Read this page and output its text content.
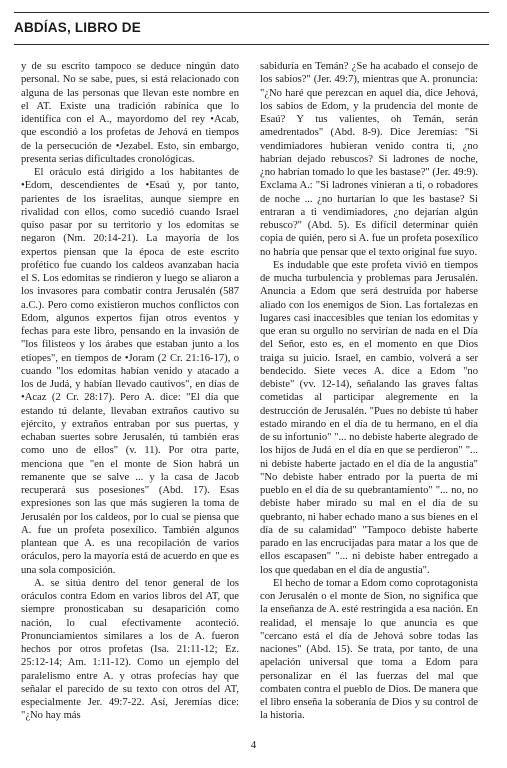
ABDÍAS, LIBRO DE

y de su escrito tampoco se deduce ningún dato personal. No se sabe, pues, si está relacionado con alguna de las personas que llevan este nombre en el AT. Existe una tradición rabínica que lo identifica con el A., mayordomo del rey •Acab, que escondió a los profetas de Jehová en tiempos de la persecución de •Jezabel. Esto, sin embargo, presenta serias dificultades cronológicas.

El oráculo está dirigido a los habitantes de •Edom, descendientes de •Esaú y, por tanto, parientes de los israelitas, aunque siempre en rivalidad con ellos, como sucedió cuando Israel quiso pasar por su territorio y los edomitas se negaron (Nm. 20:14-21). La mayoría de los expertos piensan que la época de este escrito profético fue cuando los caldeos avanzaban hacia el S. Los edomitas se rindieron y luego se aliaron a los invasores para combatir contra Jerusalén (587 a.C.). Pero como existieron muchos conflictos con Edom, algunos expertos fijan otros eventos y fechas para este libro, pensando en la invasión de "los filisteos y los árabes que estaban junto a los etíopes", en tiempos de •Joram (2 Cr. 21:16-17), o cuando "los edomitas habían venido y atacado a los de Judá, y habían llevado cautivos", en días de •Acaz (2 Cr. 28:17). Pero A. dice: "El día que estando tú delante, llevaban extraños cautivo su ejército, y extraños entraban por sus puertas, y echaban suertes sobre Jerusalén, tú también eras como uno de ellos" (v. 11). Por otra parte, menciona que "en el monte de Sion habrá un remanente que se salve ... y la casa de Jacob recuperará sus posesiones" (Abd. 17). Esas expresiones son las que más sugieren la toma de Jerusalén por los caldeos, por lo cual se piensa que A. fue un profeta posexílico. También algunos plantean que A. es una recopilación de varios oráculos, pero la mayoría está de acuerdo en que es una sola composición.

A. se sitúa dentro del tenor general de los oráculos contra Edom en varios libros del AT, que siempre pronosticaban su desaparición como nación, lo cual efectivamente aconteció. Pronunciamientos similares a los de A. fueron hechos por otros profetas (Isa. 21:11-12; Ez. 25:12-14; Am. 1:11-12). Como un ejemplo del paralelismo entre A. y otras profecías hay que señalar el parecido de su texto con otros del AT, especialmente Jer. 49:7-22. Así, Jeremías dice: "¿No hay más

sabiduría en Temán? ¿Se ha acabado el consejo de los sabios?" (Jer. 49:7), mientras que A. pronuncia: "¿No haré que perezcan en aquel día, dice Jehová, los sabios de Edom, y la prudencia del monte de Esaú? Y tus valientes, oh Temán, serán amedrentados" (Abd. 8-9). Dice Jeremías: "Si vendimiadores hubieran venido contra ti, ¿no habrían dejado rebuscos? Si ladrones de noche, ¿no habrían tomado lo que les bastase?" (Jer. 49:9). Exclama A.: "Si ladrones vinieran a ti, o robadores de noche ... ¿no hurtarían lo que les bastase? Si entraran a ti vendimiadores, ¿no dejarían algún rebusco?" (Abd. 5). Es difícil determinar quién copia de quién, pero si A. fue un profeta posexílico no habría que pensar que el texto original fue suyo.

Es indudable que este profeta vivió en tiempos de mucha turbulencia y problemas para Jerusalén. Anuncia a Edom que será destruida por haberse aliado con los enemigos de Sion. Las fortalezas en lugares casi inaccesibles que tenían los edomitas y que eran su orgullo no servirían de nada en el Día del Señor, esto es, en el momento en que Dios traiga su juicio. Israel, en cambio, volverá a ser bendecido. Siete veces A. dice a Edom "no debiste" (vv. 12-14), señalando las graves faltas cometidas al participar alegremente en la destrucción de Jerusalén. "Pues no debiste tú haber estado mirando en el día de tu hermano, en el día de su infortunio" "... no debiste haberte alegrado de los hijos de Judá en el día en que se perdieron" "... ni debiste haberte jactado en el día de la angustia" "No debiste haber entrado por la puerta de mi pueblo en el día de su quebrantamiento" "... no, no debiste haber mirado su mal en el día de su quebranto, ni haber echado mano a sus bienes en el día de su calamidad" "Tampoco debiste haberte parado en las encrucijadas para matar a los que de ellos escapasen" "... ni debiste haber entregado a los que quedaban en el día de angustia".

El hecho de tomar a Edom como coprotagonista con Jerusalén o el monte de Sion, no significa que la enseñanza de A. esté restringida a esa nación. En realidad, el mensaje lo que anuncia es que "cercano está el día de Jehová sobre todas las naciones" (Abd. 15). Se trata, por tanto, de una apelación universal que toma a Edom para personalizar en él las fuerzas del mal que combaten contra el pueblo de Dios. De manera que el libro enseña la soberanía de Dios y su control de la historia.

4
